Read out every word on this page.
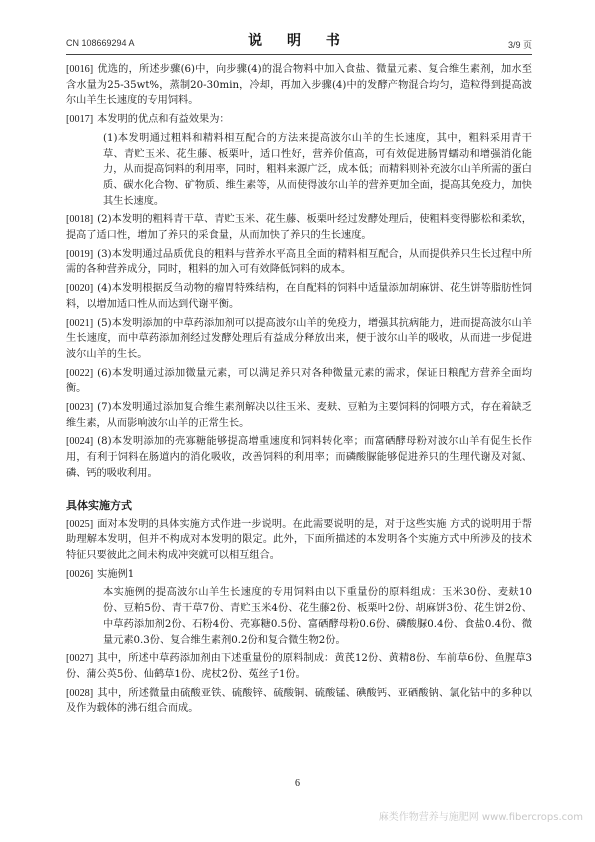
CN 108669294 A	说 明 书	3/9 页

[0016] 优选的，所述步骤(6)中，向步骤(4)的混合物料中加入食盐、微量元素、复合维生素剂，加水至含水量为25-35wt%，蒸制20-30min，冷却，再加入步骤(4)中的发酵产物混合均匀，造粒得到提高波尔山羊生长速度的专用饲料。

[0017] 本发明的优点和有益效果为：

(1)本发明通过粗料和精料相互配合的方法来提高波尔山羊的生长速度，其中，粗料采用青干草、青贮玉米、花生藤、板栗叶，适口性好，营养价值高，可有效促进肠胃蠕动和增强消化能力，从而提高饲料的利用率，同时，粗料来源广泛，成本低；而精料则补充波尔山羊所需的蛋白质、碳水化合物、矿物质、维生素等，从而使得波尔山羊的营养更加全面，提高其免疫力，加快其生长速度。

[0018] (2)本发明的粗料青干草、青贮玉米、花生藤、板栗叶经过发酵处理后，使粗料变得膨松和柔软，提高了适口性，增加了养只的采食量，从而加快了养只的生长速度。

[0019] (3)本发明通过品质优良的粗料与营养水平高且全面的精料相互配合，从而提供养只生长过程中所需的各种营养成分，同时，粗料的加入可有效降低饲料的成本。

[0020] (4)本发明根据反刍动物的瘤胃特殊结构，在自配料的饲料中适量添加胡麻饼、花生饼等脂肪性饲料，以增加适口性从而达到代谢平衡。

[0021] (5)本发明添加的中草药添加剂可以提高波尔山羊的免疫力，增强其抗病能力，进而提高波尔山羊生长速度，而中草药添加剂经过发酵处理后有益成分释放出来，便于波尔山羊的吸收，从而进一步促进波尔山羊的生长。

[0022] (6)本发明通过添加微量元素，可以满足养只对各种微量元素的需求，保证日粮配方营养全面均衡。

[0023] (7)本发明通过添加复合维生素剂解决以往玉米、麦麸、豆粕为主要饲料的饲喂方式，存在着缺乏维生素，从而影响波尔山羊的正常生长。

[0024] (8)本发明添加的壳寡糖能够提高增重速度和饲料转化率；而富硒酵母粉对波尔山羊有促生长作用，有利于饲料在肠道内的消化吸收，改善饲料的利用率；而磷酸脲能够促进养只的生理代谢及对氮、磷、钙的吸收利用。

具体实施方式

[0025] 面对本发明的具体实施方式作进一步说明。在此需要说明的是，对于这些实施 方式的说明用于帮助理解本发明，但并不构成对本发明的限定。此外，下面所描述的本发明各个实施方式中所涉及的技术特征只要彼此之间未构成冲突就可以相互组合。

[0026] 实施例1

本实施例的提高波尔山羊生长速度的专用饲料由以下重量份的原料组成：玉米30份、麦麸10份、豆粕5份、青干草7份、青贮玉米4份、花生藤2份、板栗叶2份、胡麻饼3份、花生饼2份、中草药添加剂2份、石粉4份、壳寡糖0.5份、富硒酵母粉0.6份、磷酸脲0.4份、食盐0.4份、微量元素0.3份、复合维生素剂0.2份和复合微生物2份。

[0027] 其中，所述中草药添加剂由下述重量份的原料制成：黄芪12份、黄精8份、车前草6份、鱼腥草3份、蒲公英5份、仙鹤草1份、虎杖2份、菟丝子1份。

[0028] 其中，所述微量由硫酸亚铁、硫酸锌、硫酸铜、硫酸锰、碘酸钙、亚硒酸钠、氯化钴中的多种以及作为载体的沸石组合而成。

6
麻类作物营养与施肥网 www.fibercrops.com
